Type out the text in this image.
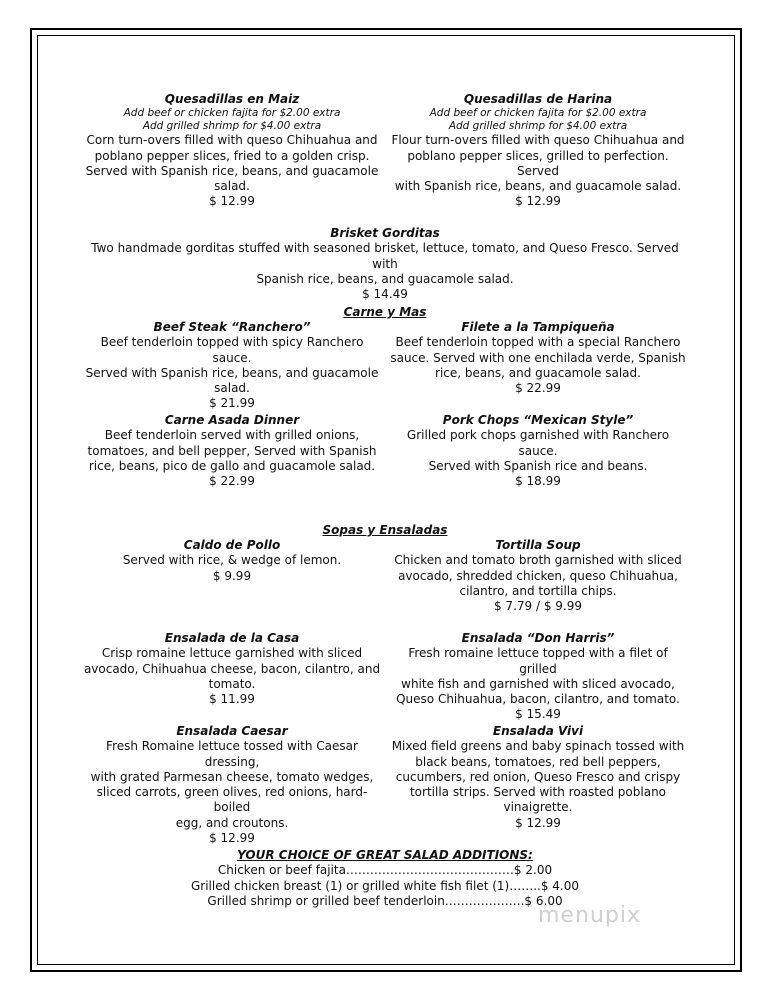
Quesadillas en Maiz
Add beef or chicken fajita for $2.00 extra
Add grilled shrimp for $4.00 extra
Corn turn-overs filled with queso Chihuahua and
poblano pepper slices, fried to a golden crisp.
Served with Spanish rice, beans, and guacamole
salad.
$ 12.99
Quesadillas de Harina
Add beef or chicken fajita for $2.00 extra
Add grilled shrimp for $4.00 extra
Flour turn-overs filled with queso Chihuahua and
poblano pepper slices, grilled to perfection. Served
with Spanish rice, beans, and guacamole salad.
$ 12.99
Brisket Gorditas
Two handmade gorditas stuffed with seasoned brisket, lettuce, tomato, and Queso Fresco. Served with
Spanish rice, beans, and guacamole salad.
$ 14.49
Carne y Mas
Beef Steak “Ranchero”
Beef tenderloin topped with spicy Ranchero sauce.
Served with Spanish rice, beans, and guacamole
salad.
$ 21.99
Filete a la Tampiqueña
Beef tenderloin topped with a special Ranchero
sauce. Served with one enchilada verde, Spanish
rice, beans, and guacamole salad.
$ 22.99
Carne Asada Dinner
Beef tenderloin served with grilled onions,
tomatoes, and bell pepper, Served with Spanish
rice, beans, pico de gallo and guacamole salad.
$ 22.99
Pork Chops “Mexican Style”
Grilled pork chops garnished with Ranchero sauce.
Served with Spanish rice and beans.
$ 18.99
Sopas y Ensaladas
Caldo de Pollo
Served with rice, & wedge of lemon.
$ 9.99
Tortilla Soup
Chicken and tomato broth garnished with sliced
avocado, shredded chicken, queso Chihuahua,
cilantro, and tortilla chips.
$ 7.79 / $ 9.99
Ensalada de la Casa
Crisp romaine lettuce garnished with sliced
avocado, Chihuahua cheese, bacon, cilantro, and
tomato.
$ 11.99
Ensalada “Don Harris”
Fresh romaine lettuce topped with a filet of grilled
white fish and garnished with sliced avocado,
Queso Chihuahua, bacon, cilantro, and tomato.
$ 15.49
Ensalada Caesar
Fresh Romaine lettuce tossed with Caesar dressing,
with grated Parmesan cheese, tomato wedges,
sliced carrots, green olives, red onions, hard-boiled
egg, and croutons.
$ 12.99
Ensalada Vivi
Mixed field greens and baby spinach tossed with
black beans, tomatoes, red bell peppers,
cucumbers, red onion, Queso Fresco and crispy
tortilla strips. Served with roasted poblano
vinaigrette.
$ 12.99
YOUR CHOICE OF GREAT SALAD ADDITIONS:
Chicken or beef fajita……………………………………$ 2.00
Grilled chicken breast (1) or grilled white fish filet (1)……..$ 4.00
Grilled shrimp or grilled beef tenderloin………………..$ 6.00
menupix
